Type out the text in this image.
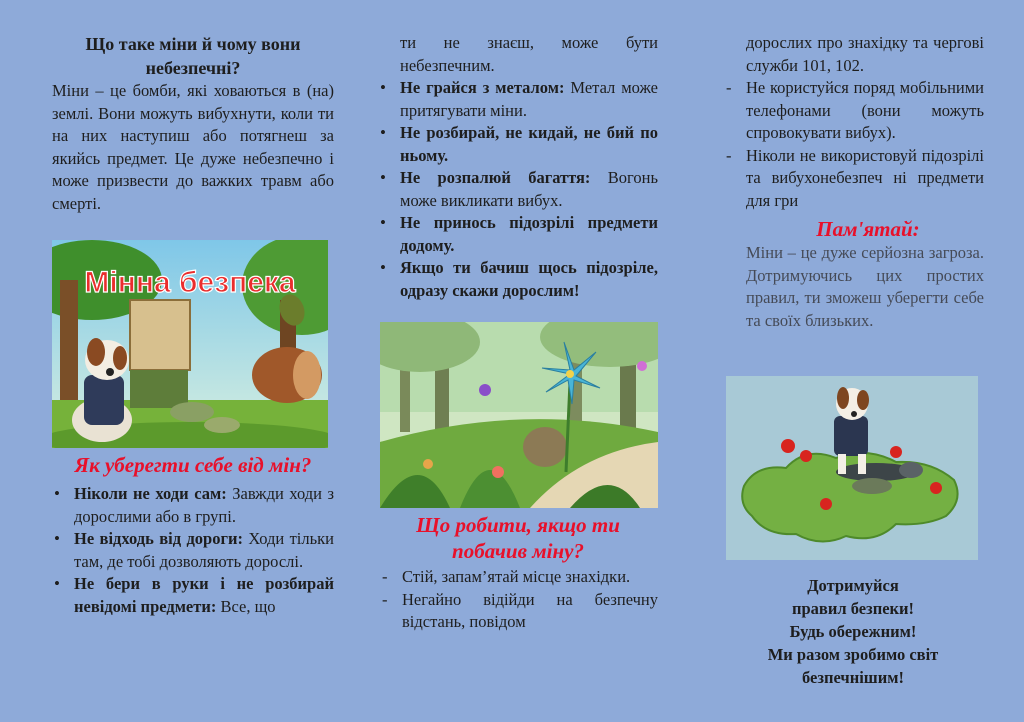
Що таке міни й чому вони небезпечні?

Міни – це бомби, які ховаються в (на) землі. Вони можуть вибухнути, коли ти на них наступиш або потягнеш за якийсь предмет. Це дуже небезпечно і може призвести до важких травм або смерті.

Мінна безпека
Як уберегти себе від мін?
• Ніколи не ходи сам: Завжди ходи з дорослими або в групі.
• Не відходь від дороги: Ходи тільки там, де тобі дозволяють дорослі.
• Не бери в руки і не розбирай невідомі предмети: Все, що

ти не знаєш, може бути небезпечним.

• Не грайся з металом: Метал може притягувати міни.
• Не розбирай, не кидай, не бий по ньому.
• Не розпалюй багаття: Вогонь може викликати вибух.
• Не принось підозрілі предмети додому.
• Якщо ти бачиш щось підозріле, одразу скажи дорослим!
Що робити, якщо ти побачив міну?
- Стій, запам’ятай місце знахідки.
- Негайно відійди на безпечну відстань, повідом

дорослих про знахідку та чергові служби 101, 102.

- Не користуйся поряд мобільними телефонами (вони можуть спровокувати вибух).
- Ніколи не використовуй підозрілі та вибухонебезпеч ні предмети для гри
Пам'ятай:

Міни – це дуже серйозна загроза. Дотримуючись цих простих правил, ти зможеш уберегти себе та своїх близьких.

Дотримуйся
правил безпеки!
Будь обережним!
Ми разом зробимо світ
безпечнішим!
